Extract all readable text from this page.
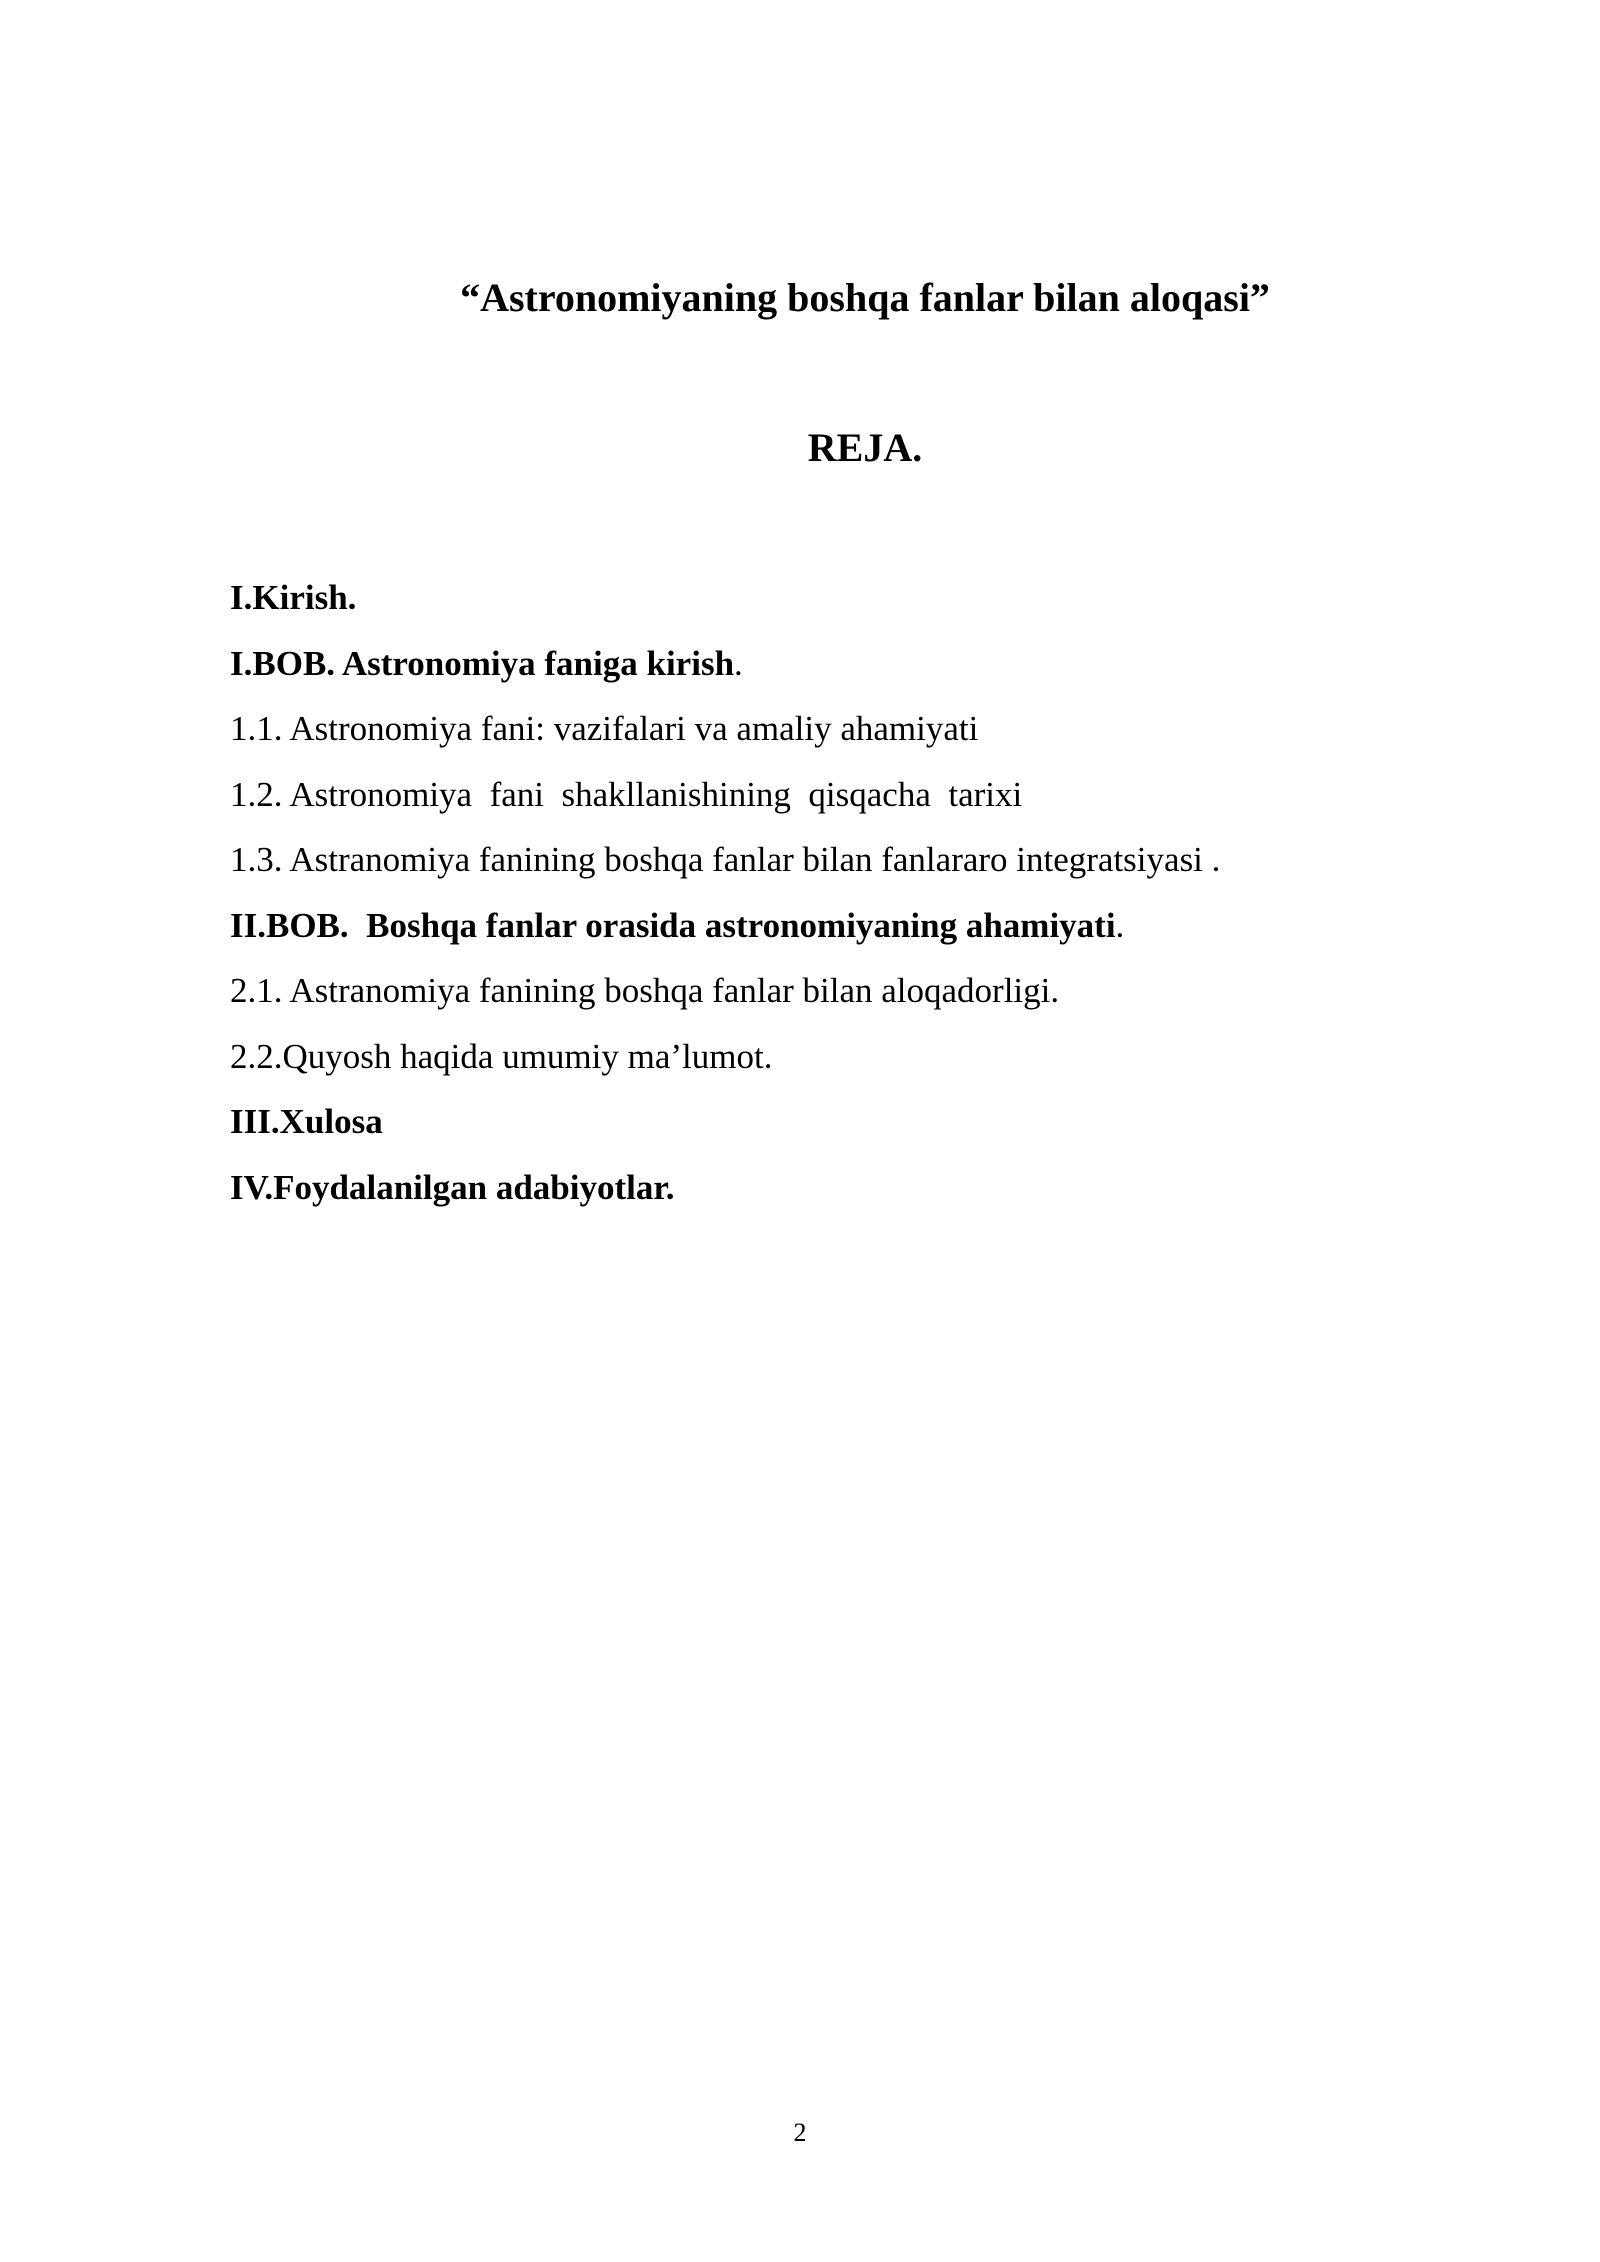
“Astronomiyaning boshqa fanlar bilan aloqasi”
REJA.
I.Kirish.
I.BOB. Astronomiya faniga kirish.
1.1. Astronomiya fani: vazifalari va amaliy ahamiyati
1.2. Astronomiya  fani  shakllanishining  qisqacha  tarixi
1.3. Astranomiya fanining boshqa fanlar bilan fanlararo integratsiyasi .
II.BOB.  Boshqa fanlar orasida astronomiyaning ahamiyati.
2.1. Astranomiya fanining boshqa fanlar bilan aloqadorligi.
2.2.Quyosh haqida umumiy ma’lumot.
III.Xulosa
IV.Foydalanilgan adabiyotlar.
2
